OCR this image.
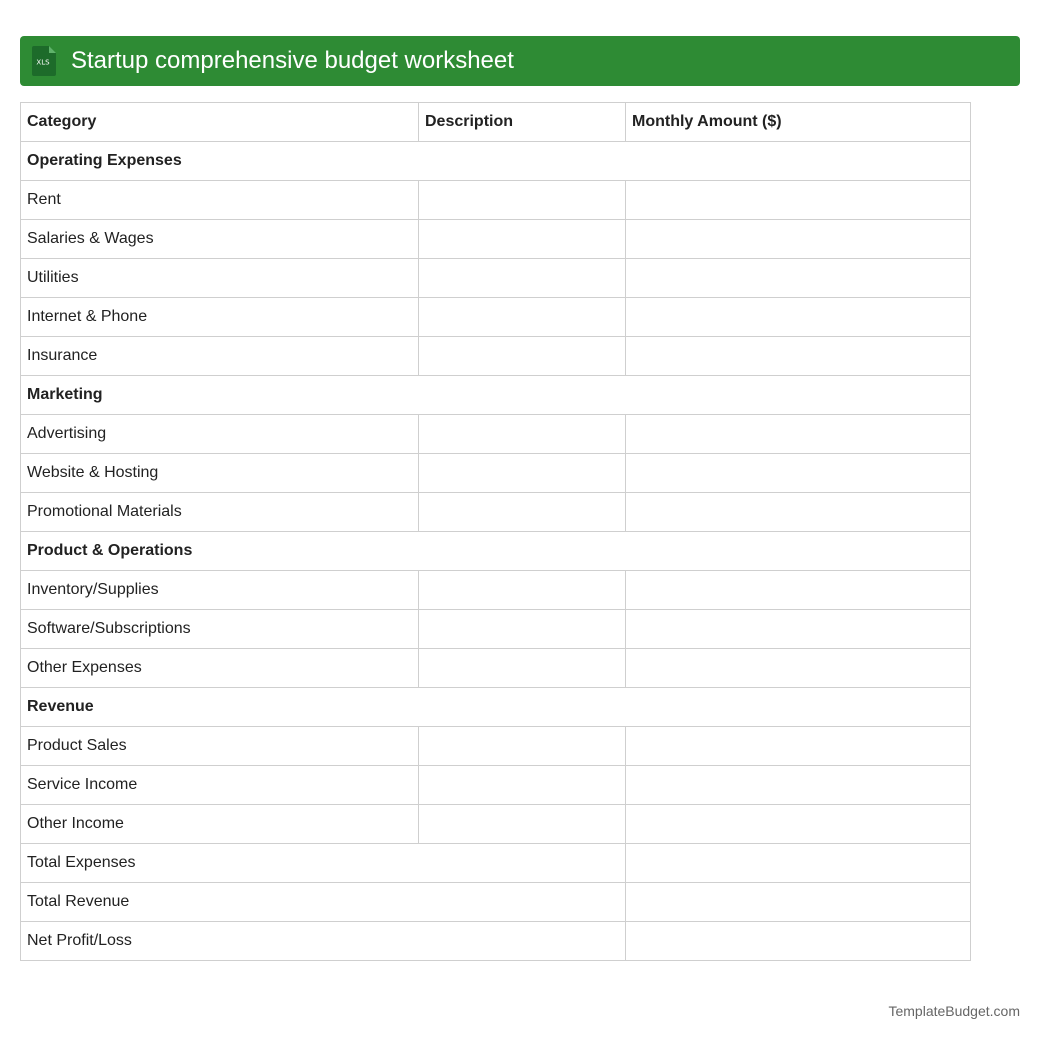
XLS Startup comprehensive budget worksheet
Category	Description	Monthly Amount ($)
Operating Expenses		
Rent		
Salaries & Wages		
Utilities		
Internet & Phone		
Insurance		
Marketing		
Advertising		
Website & Hosting		
Promotional Materials		
Product & Operations		
Inventory/Supplies		
Software/Subscriptions		
Other Expenses		
Revenue		
Product Sales		
Service Income		
Other Income		
Total Expenses		
Total Revenue		
Net Profit/Loss		
TemplateBudget.com
